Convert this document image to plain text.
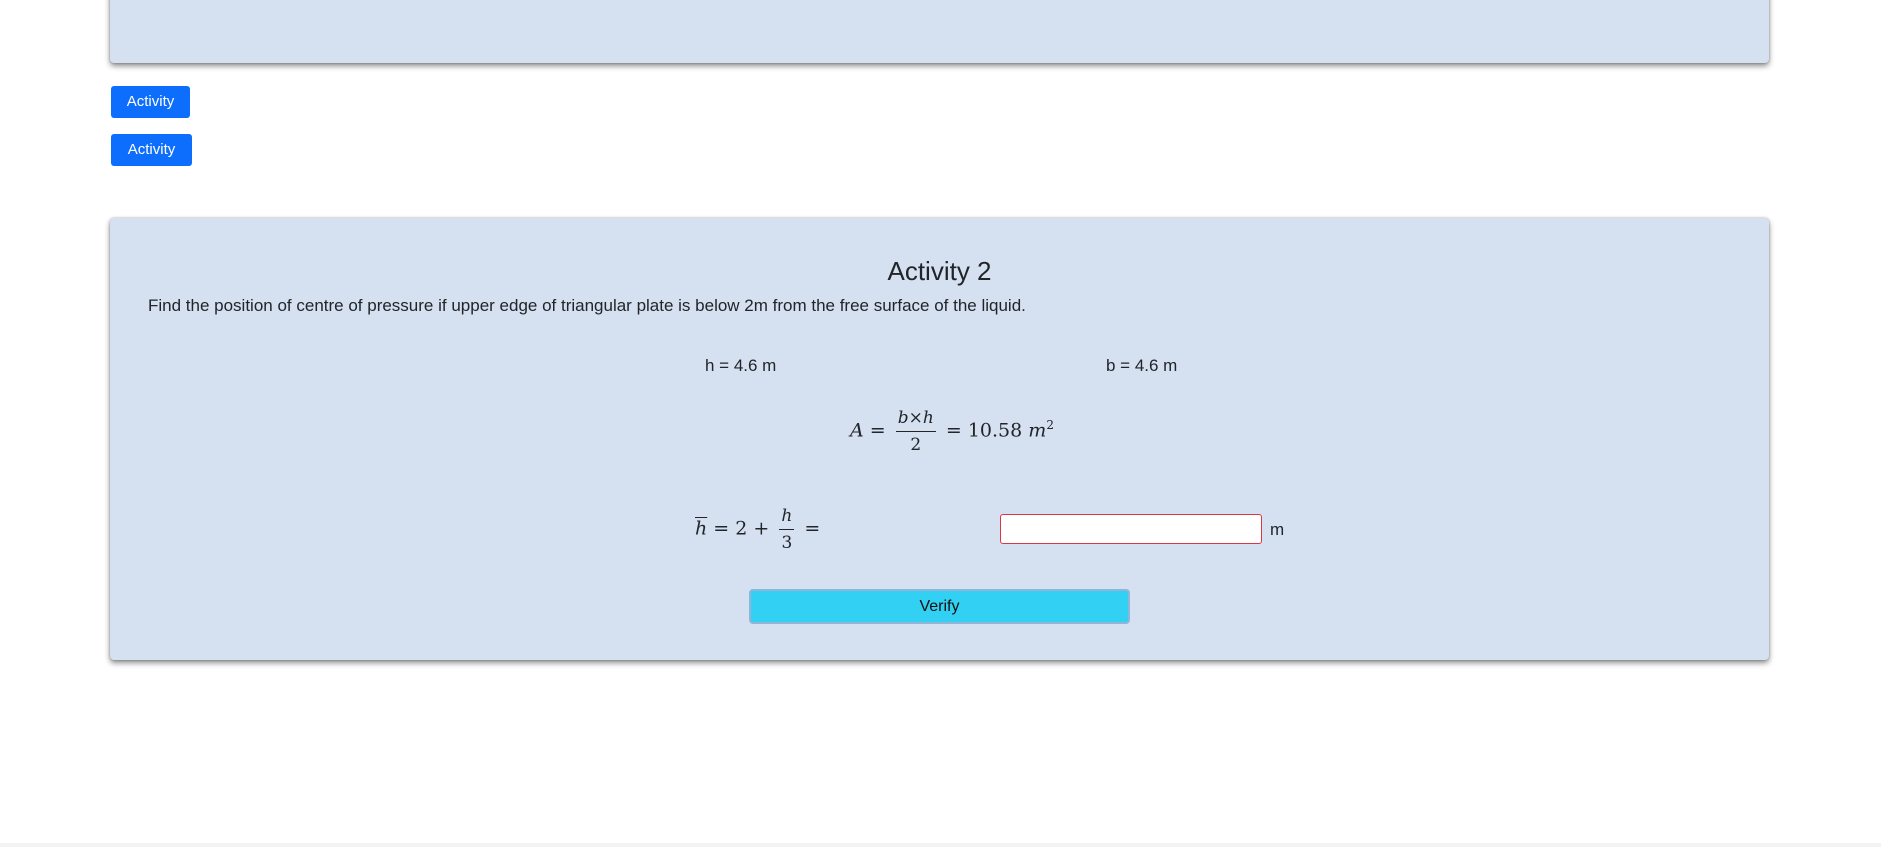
Activity
Activity 2
Activity 2
Find the position of centre of pressure if upper edge of triangular plate is below 2m from the free surface of the liquid.
h = 4.6 m	b = 4.6 m
$A = \frac{b\times h}{2} = 10.58$ $m^2$
$\overline{h} = 2 + \frac{h}{3}$ =	m
Verify
